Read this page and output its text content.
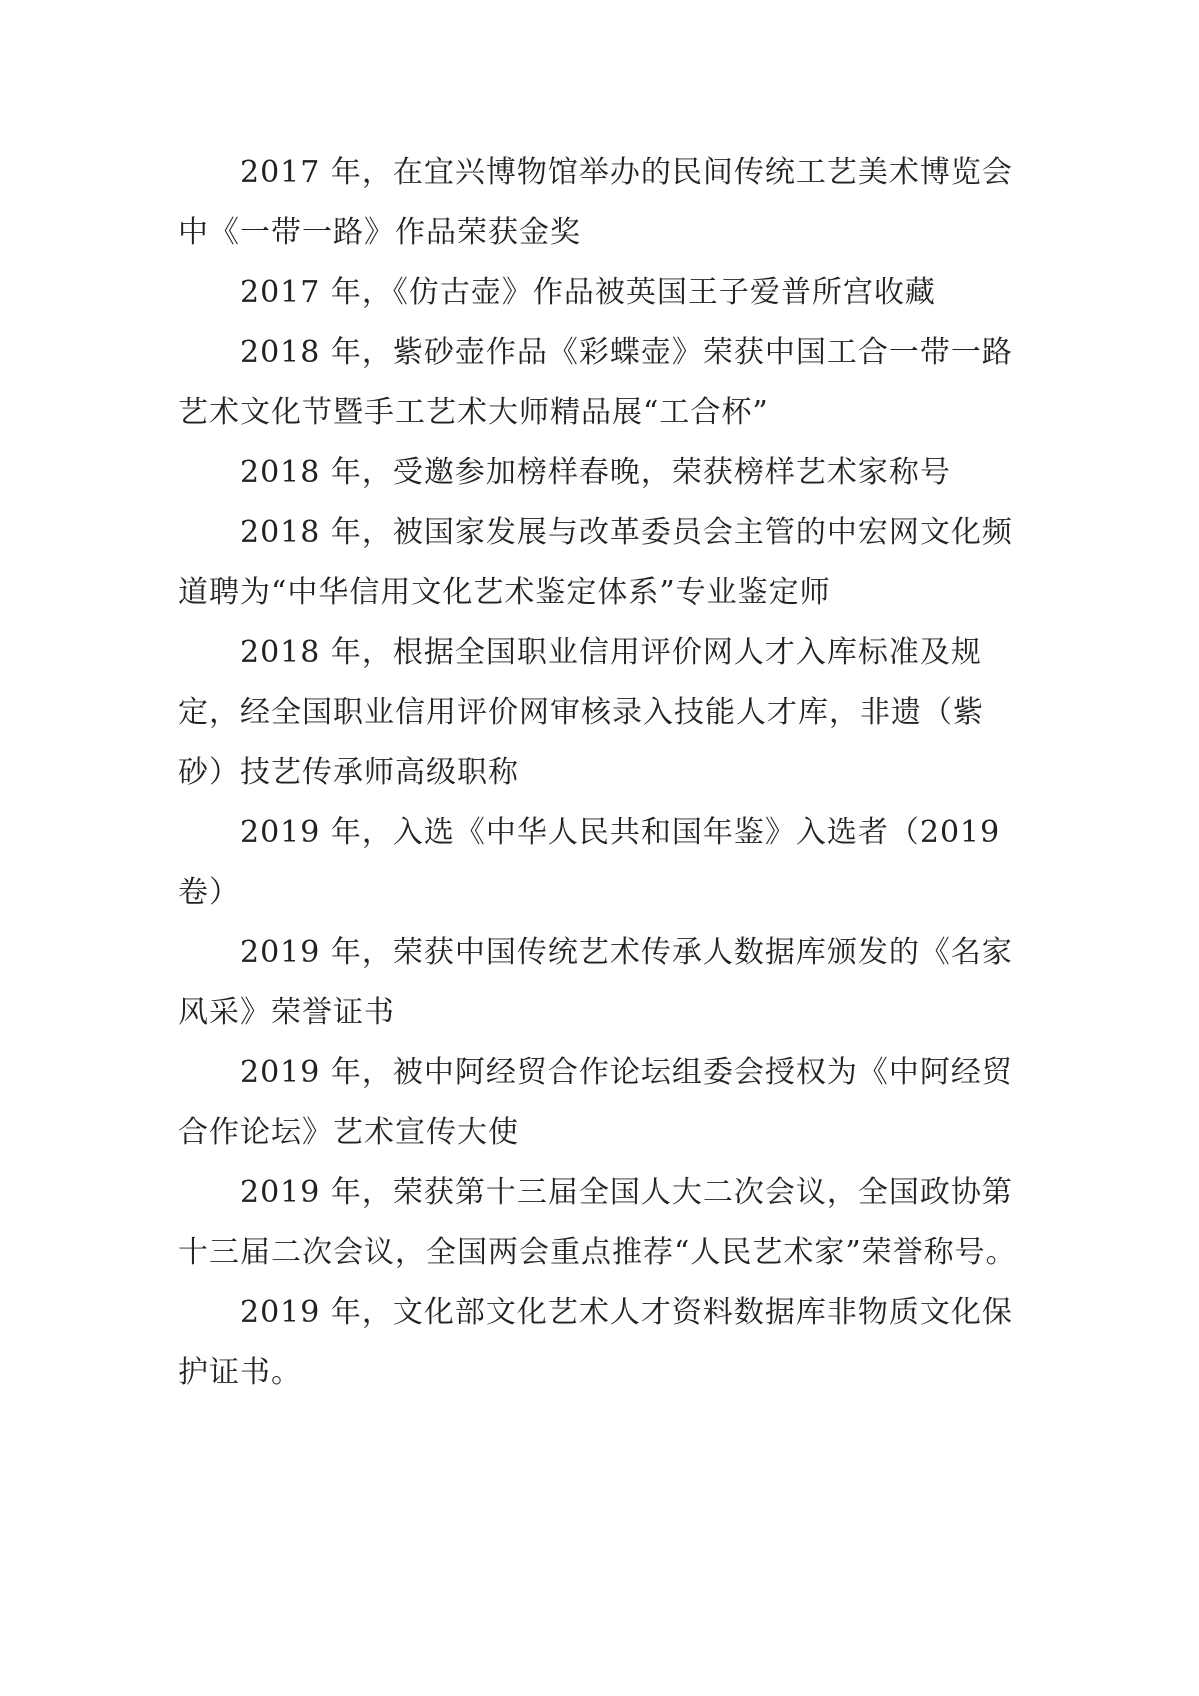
2017 年，在宜兴博物馆举办的民间传统工艺美术博览会中《一带一路》作品荣获金奖

2017 年，《仿古壶》作品被英国王子爱普所宫收藏

2018 年，紫砂壶作品《彩蝶壶》荣获中国工合一带一路艺术文化节暨手工艺术大师精品展“工合杯”

2018 年，受邀参加榜样春晚，荣获榜样艺术家称号

2018 年，被国家发展与改革委员会主管的中宏网文化频道聘为“中华信用文化艺术鉴定体系”专业鉴定师

2018 年，根据全国职业信用评价网人才入库标准及规定，经全国职业信用评价网审核录入技能人才库，非遗（紫砂）技艺传承师高级职称

2019 年，入选《中华人民共和国年鉴》入选者（2019 卷）

2019 年，荣获中国传统艺术传承人数据库颁发的《名家风采》荣誉证书

2019 年，被中阿经贸合作论坛组委会授权为《中阿经贸合作论坛》艺术宣传大使

2019 年，荣获第十三届全国人大二次会议，全国政协第十三届二次会议，全国两会重点推荐“人民艺术家”荣誉称号。

2019 年，文化部文化艺术人才资料数据库非物质文化保护证书。
